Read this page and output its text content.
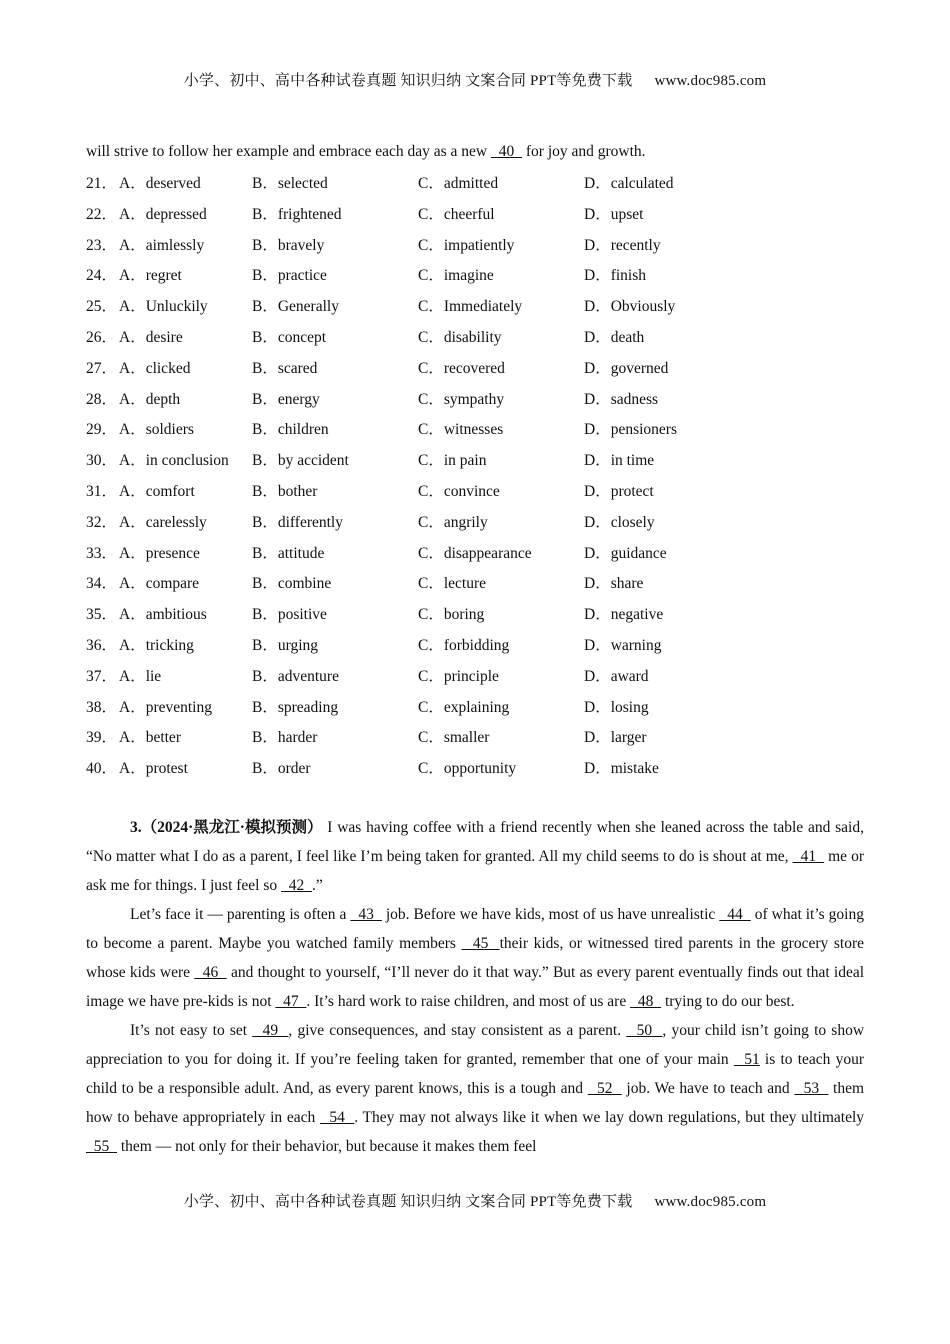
小学、初中、高中各种试卷真题 知识归纳 文案合同 PPT等免费下载 www.doc985.com
will strive to follow her example and embrace each day as a new   40   for joy and growth.
21． A．deserved	B．selected	C．admitted	D．calculated
22． A．depressed	B．frightened	C．cheerful	D．upset
23． A．aimlessly	B．bravely	C．impatiently	D．recently
24． A．regret	B．practice	C．imagine	D．finish
25． A．Unluckily	B．Generally	C．Immediately	D．Obviously
26． A．desire	B．concept	C．disability	D．death
27． A．clicked	B．scared	C．recovered	D．governed
28． A．depth	B．energy	C．sympathy	D．sadness
29． A．soldiers	B．children	C．witnesses	D．pensioners
30． A．in conclusion B．by accident	C．in pain	D．in time
31． A．comfort	B．bother	C．convince	D．protect
32． A．carelessly	B．differently	C．angrily	D．closely
33． A．presence	B．attitude	C．disappearance	D．guidance
34． A．compare	B．combine	C．lecture	D．share
35． A．ambitious	B．positive	C．boring	D．negative
36． A．tricking	B．urging	C．forbidding	D．warning
37． A．lie	B．adventure	C．principle	D．award
38． A．preventing	B．spreading	C．explaining	D．losing
39． A．better	B．harder	C．smaller	D．larger
40． A．protest	B．order	C．opportunity	D．mistake

3.（2024·黑龙江·模拟预测） I was having coffee with a friend recently when she leaned across the table and said, “No matter what I do as a parent, I feel like I’m being taken for granted. All my child seems to do is shout at me,   41   me or ask me for things. I just feel so   42  .”

Let’s face it — parenting is often a   43   job. Before we have kids, most of us have unrealistic   44   of what it’s going to become a parent. Maybe you watched family members   45  their kids, or witnessed tired parents in the grocery store whose kids were   46   and thought to yourself, “I’ll never do it that way.” But as every parent eventually finds out that ideal image we have pre-kids is not   47  . It’s hard work to raise children, and most of us are   48   trying to do our best.

It’s not easy to set   49  , give consequences, and stay consistent as a parent.   50  , your child isn’t going to show appreciation to you for doing it. If you’re feeling taken for granted, remember that one of your main   51 is to teach your child to be a responsible adult. And, as every parent knows, this is a tough and   52   job. We have to teach and   53   them how to behave appropriately in each   54  . They may not always like it when we lay down regulations, but they ultimately   55   them — not only for their behavior, but because it makes them feel

小学、初中、高中各种试卷真题 知识归纳 文案合同 PPT等免费下载 www.doc985.com
